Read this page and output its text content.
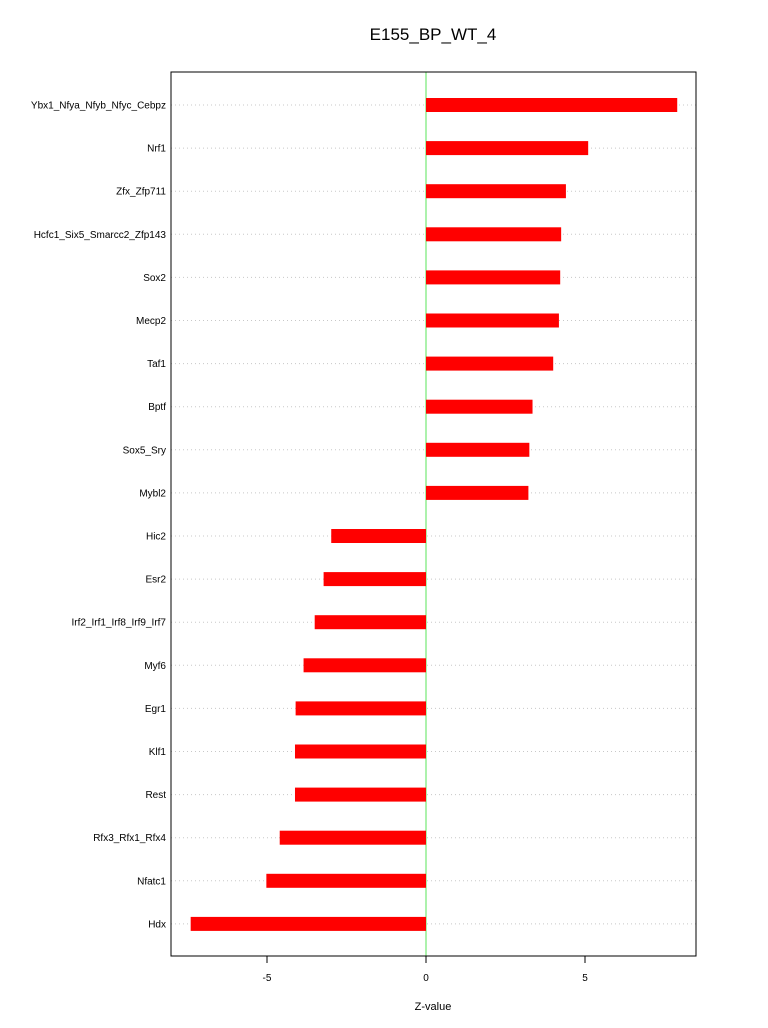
E155_BP_WT_4
Ybx1_Nfya_Nfyb_Nfyc_Cebpz
Nrf1
Zfx_Zfp711
Hcfc1_Six5_Smarcc2_Zfp143
Sox2
Mecp2
Taf1
Bptf
Sox5_Sry
Mybl2
Hic2
Esr2
Irf2_Irf1_Irf8_Irf9_Irf7
Myf6
Egr1
Klf1
Rest
Rfx3_Rfx1_Rfx4
Nfatc1
Hdx
-5	0	5
Z-value
